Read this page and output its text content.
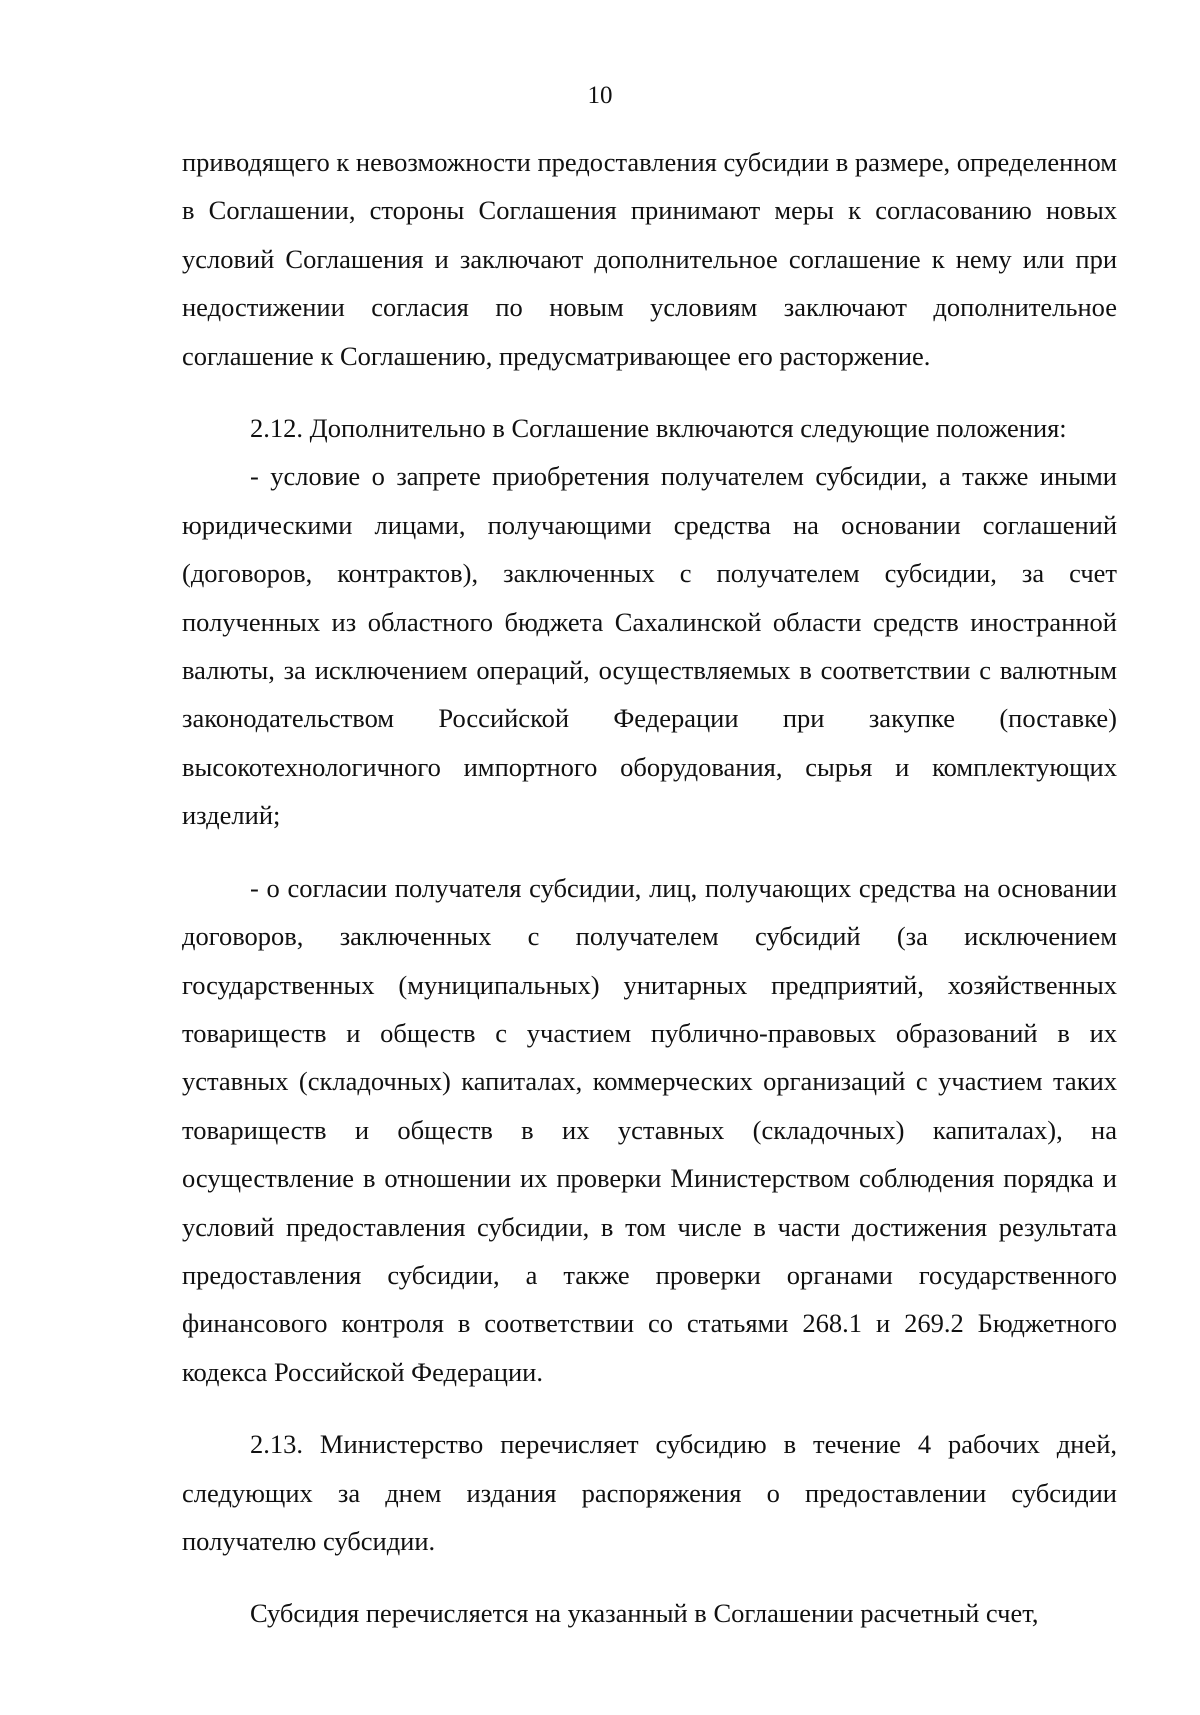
10

приводящего к невозможности предоставления субсидии в размере, определенном в Соглашении, стороны Соглашения принимают меры к согласованию новых условий Соглашения и заключают дополнительное соглашение к нему или при недостижении согласия по новым условиям заключают дополнительное соглашение к Соглашению, предусматривающее его расторжение.

2.12. Дополнительно в Соглашение включаются следующие положения:

- условие о запрете приобретения получателем субсидии, а также иными юридическими лицами, получающими средства на основании соглашений (договоров, контрактов), заключенных с получателем субсидии, за счет полученных из областного бюджета Сахалинской области средств иностранной валюты, за исключением операций, осуществляемых в соответствии с валютным законодательством Российской Федерации при закупке (поставке) высокотехнологичного импортного оборудования, сырья и комплектующих изделий;

- о согласии получателя субсидии, лиц, получающих средства на основании договоров, заключенных с получателем субсидий (за исключением государственных (муниципальных) унитарных предприятий, хозяйственных товариществ и обществ с участием публично-правовых образований в их уставных (складочных) капиталах, коммерческих организаций с участием таких товариществ и обществ в их уставных (складочных) капиталах), на осуществление в отношении их проверки Министерством соблюдения порядка и условий предоставления субсидии, в том числе в части достижения результата предоставления субсидии, а также проверки органами государственного финансового контроля в соответствии со статьями 268.1 и 269.2 Бюджетного кодекса Российской Федерации.

2.13. Министерство перечисляет субсидию в течение 4 рабочих дней, следующих за днем издания распоряжения о предоставлении субсидии получателю субсидии.

Субсидия перечисляется на указанный в Соглашении расчетный счет,
